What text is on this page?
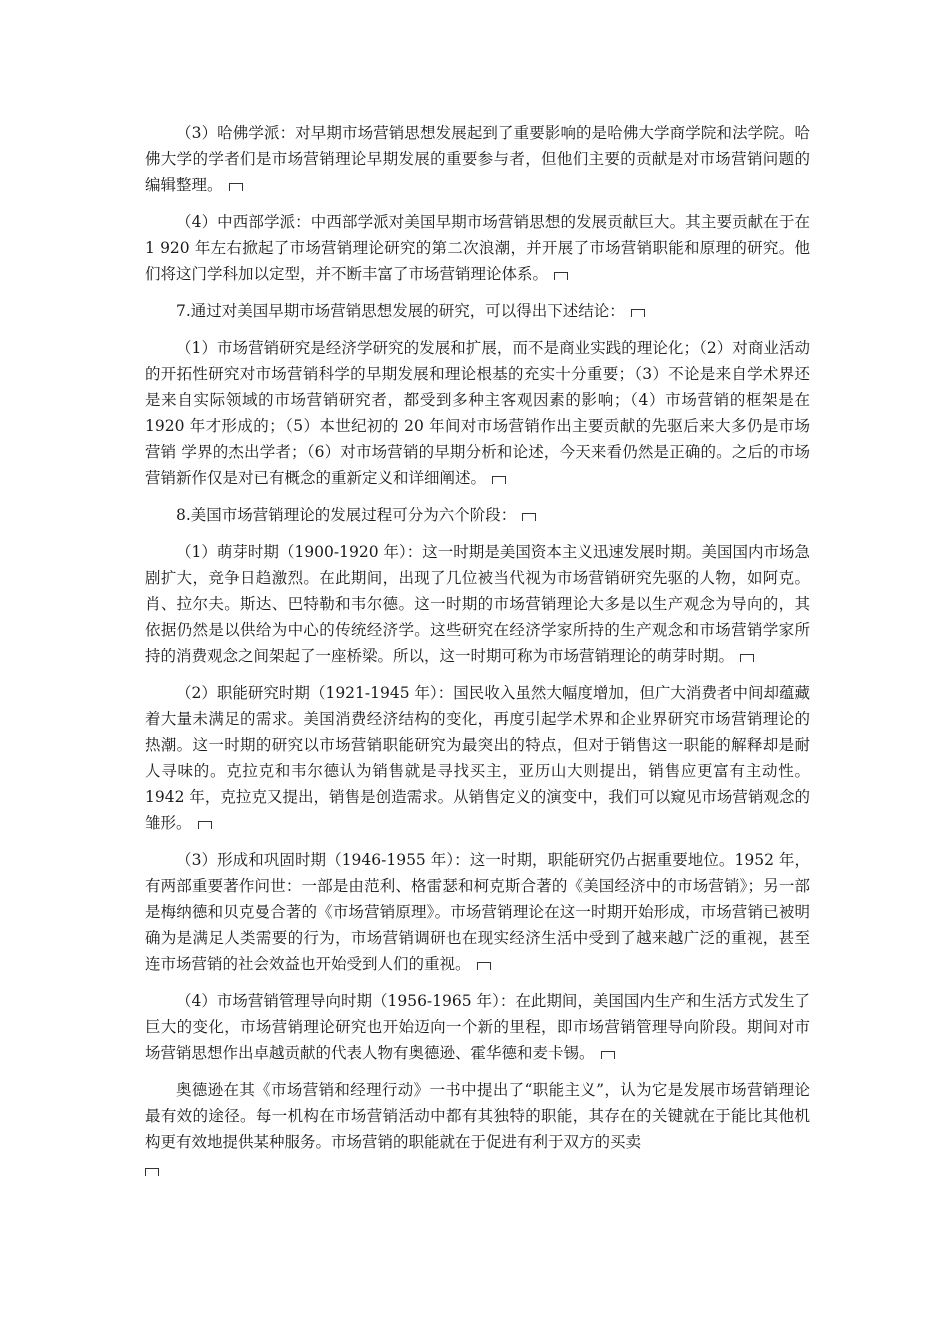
（3）哈佛学派：对早期市场营销思想发展起到了重要影响的是哈佛大学商学院和法学院。哈佛大学的学者们是市场营销理论早期发展的重要参与者，但他们主要的贡献是对市场营销问题的编辑整理。

（4）中西部学派：中西部学派对美国早期市场营销思想的发展贡献巨大。其主要贡献在于在 1 920 年左右掀起了市场营销理论研究的第二次浪潮，并开展了市场营销职能和原理的研究。他们将这门学科加以定型，并不断丰富了市场营销理论体系。

7.通过对美国早期市场营销思想发展的研究，可以得出下述结论：

（1）市场营销研究是经济学研究的发展和扩展，而不是商业实践的理论化；（2）对商业活动的开拓性研究对市场营销科学的早期发展和理论根基的充实十分重要；（3）不论是来自学术界还是来自实际领域的市场营销研究者，都受到多种主客观因素的影响；（4）市场营销的框架是在 1920 年才形成的；（5）本世纪初的 20 年间对市场营销作出主要贡献的先驱后来大多仍是市场营销 学界的杰出学者；（6）对市场营销的早期分析和论述，今天来看仍然是正确的。之后的市场营销新作仅是对已有概念的重新定义和详细阐述。

8.美国市场营销理论的发展过程可分为六个阶段：

（1）萌芽时期（1900-1920 年）：这一时期是美国资本主义迅速发展时期。美国国内市场急剧扩大，竞争日趋激烈。在此期间，出现了几位被当代视为市场营销研究先驱的人物，如阿克。肖、拉尔夫。斯达、巴特勒和韦尔德。这一时期的市场营销理论大多是以生产观念为导向的，其依据仍然是以供给为中心的传统经济学。这些研究在经济学家所持的生产观念和市场营销学家所持的消费观念之间架起了一座桥梁。所以，这一时期可称为市场营销理论的萌芽时期。

（2）职能研究时期（1921-1945 年）：国民收入虽然大幅度增加，但广大消费者中间却蕴藏着大量未满足的需求。美国消费经济结构的变化，再度引起学术界和企业界研究市场营销理论的热潮。这一时期的研究以市场营销职能研究为最突出的特点，但对于销售这一职能的解释却是耐人寻味的。克拉克和韦尔德认为销售就是寻找买主，亚历山大则提出，销售应更富有主动性。1942 年，克拉克又提出，销售是创造需求。从销售定义的演变中，我们可以窥见市场营销观念的雏形。

（3）形成和巩固时期（1946-1955 年）：这一时期，职能研究仍占据重要地位。1952 年，有两部重要著作问世：一部是由范利、格雷瑟和柯克斯合著的《美国经济中的市场营销》；另一部是梅纳德和贝克曼合著的《市场营销原理》。市场营销理论在这一时期开始形成，市场营销已被明确为是满足人类需要的行为，市场营销调研也在现实经济生活中受到了越来越广泛的重视，甚至连市场营销的社会效益也开始受到人们的重视。

（4）市场营销管理导向时期（1956-1965 年）：在此期间，美国国内生产和生活方式发生了巨大的变化，市场营销理论研究也开始迈向一个新的里程，即市场营销管理导向阶段。期间对市场营销思想作出卓越贡献的代表人物有奥德逊、霍华德和麦卡锡。

奥德逊在其《市场营销和经理行动》一书中提出了“职能主义”，认为它是发展市场营销理论最有效的途径。每一机构在市场营销活动中都有其独特的职能，其存在的关键就在于能比其他机构更有效地提供某种服务。市场营销的职能就在于促进有利于双方的买卖
